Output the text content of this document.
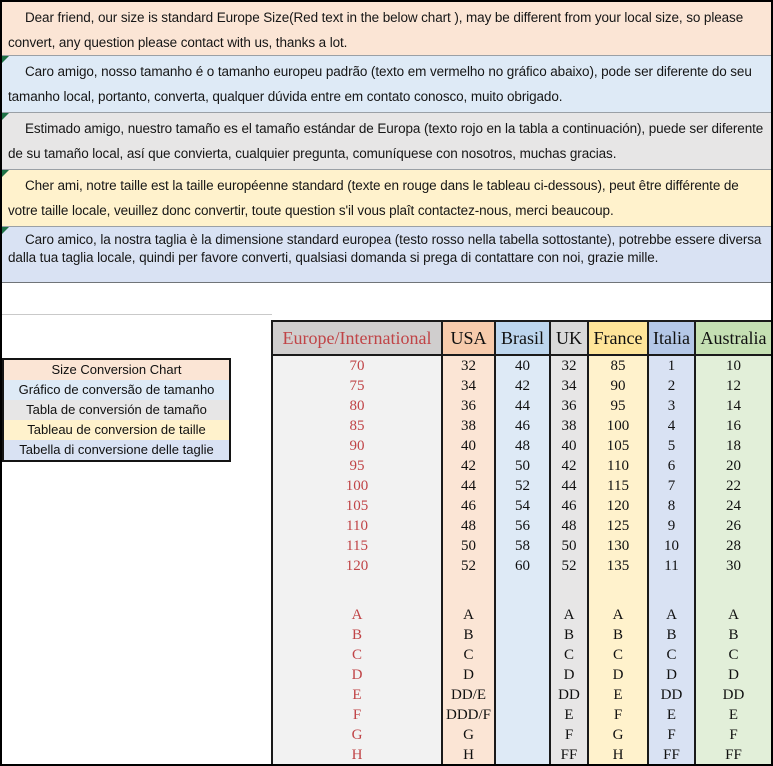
Dear friend, our size is standard Europe Size(Red text in the below chart ), may be different from your local size, so please convert, any question please contact with us, thanks a lot.
Caro amigo, nosso tamanho é o tamanho europeu padrão (texto em vermelho no gráfico abaixo), pode ser diferente do seu tamanho local, portanto, converta, qualquer dúvida entre em contato conosco, muito obrigado.
Estimado amigo, nuestro tamaño es el tamaño estándar de Europa (texto rojo en la tabla a continuación), puede ser diferente de su tamaño local, así que convierta, cualquier pregunta, comuníquese con nosotros, muchas gracias.
Cher ami, notre taille est la taille européenne standard (texte en rouge dans le tableau ci-dessous), peut être différente de votre taille locale, veuillez donc convertir, toute question s'il vous plaît contactez-nous, merci beaucoup.
Caro amico, la nostra taglia è la dimensione standard europea (testo rosso nella tabella sottostante), potrebbe essere diversa dalla tua taglia locale, quindi per favore converti, qualsiasi domanda si prega di contattare con noi, grazie mille.
Size Conversion Chart
Gráfico de conversão de tamanho
Tabla de conversión de tamaño
Tableau de conversion de taille
Tabella di conversione delle taglie
Europe/International	USA	Brasil	UK	France	Italia	Australia
70	32	40	32	85	1	10
75	34	42	34	90	2	12
80	36	44	36	95	3	14
85	38	46	38	100	4	16
90	40	48	40	105	5	18
95	42	50	42	110	6	20
100	44	52	44	115	7	22
105	46	54	46	120	8	24
110	48	56	48	125	9	26
115	50	58	50	130	10	28
120	52	60	52	135	11	30

A	A		A	A	A	A
B	B		B	B	B	B
C	C		C	C	C	C
D	D		D	D	D	D
E	DD/E		DD	E	DD	DD
F	DDD/F		E	F	E	E
G	G		F	G	F	F
H	H		FF	H	FF	FF
